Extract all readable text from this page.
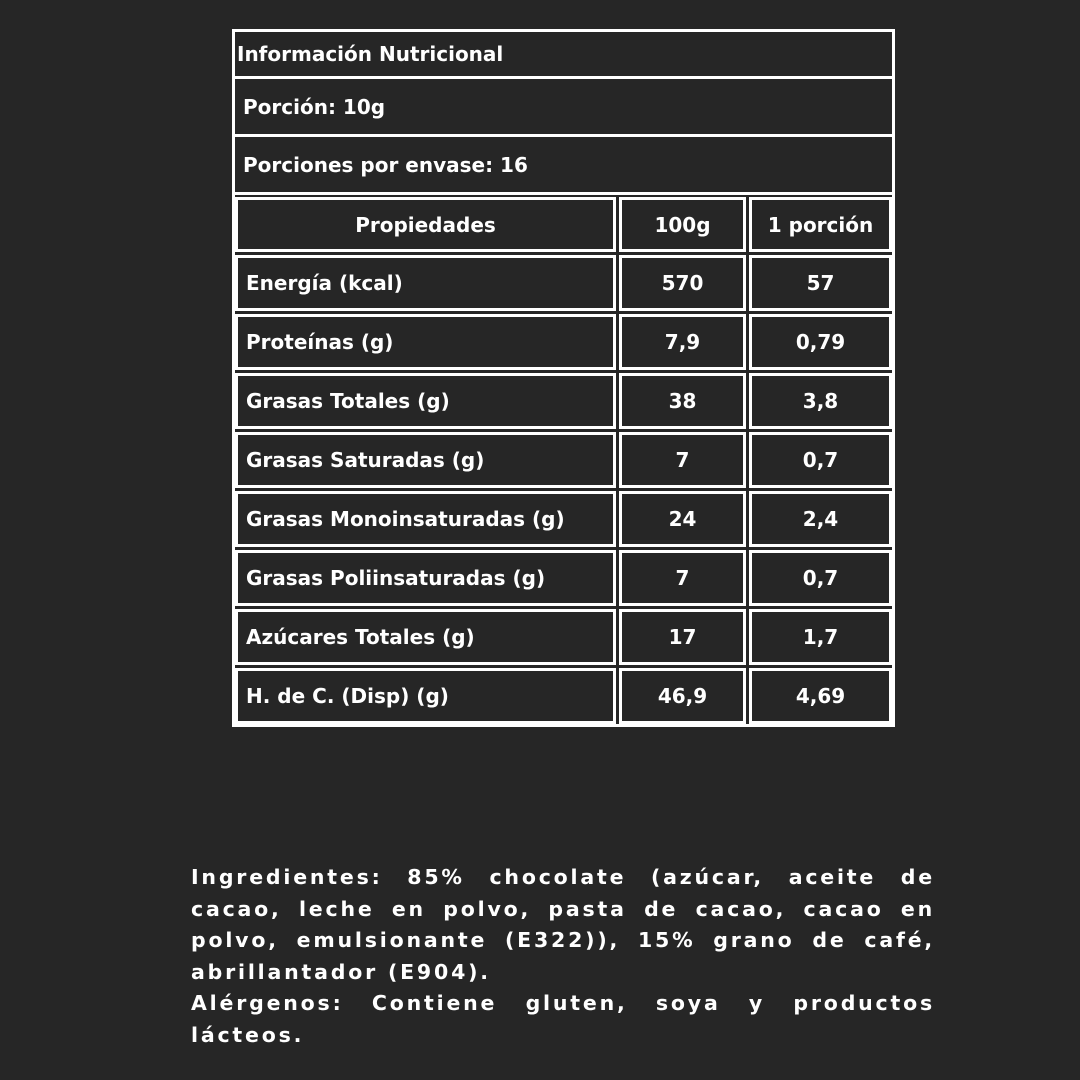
Información Nutricional
Porción: 10g
Porciones por envase: 16
Propiedades	100g	1 porción
Energía (kcal)	570	57
Proteínas (g)	7,9	0,79
Grasas Totales (g)	38	3,8
Grasas Saturadas (g)	7	0,7
Grasas Monoinsaturadas (g)	24	2,4
Grasas Poliinsaturadas (g)	7	0,7
Azúcares Totales (g)	17	1,7
H. de C. (Disp) (g)	46,9	4,69

Ingredientes: 85% chocolate (azúcar, aceite de cacao, leche en polvo, pasta de cacao, cacao en polvo, emulsionante (E322)), 15% grano de café, abrillantador (E904).

Alérgenos: Contiene gluten, soya y productos lácteos.
